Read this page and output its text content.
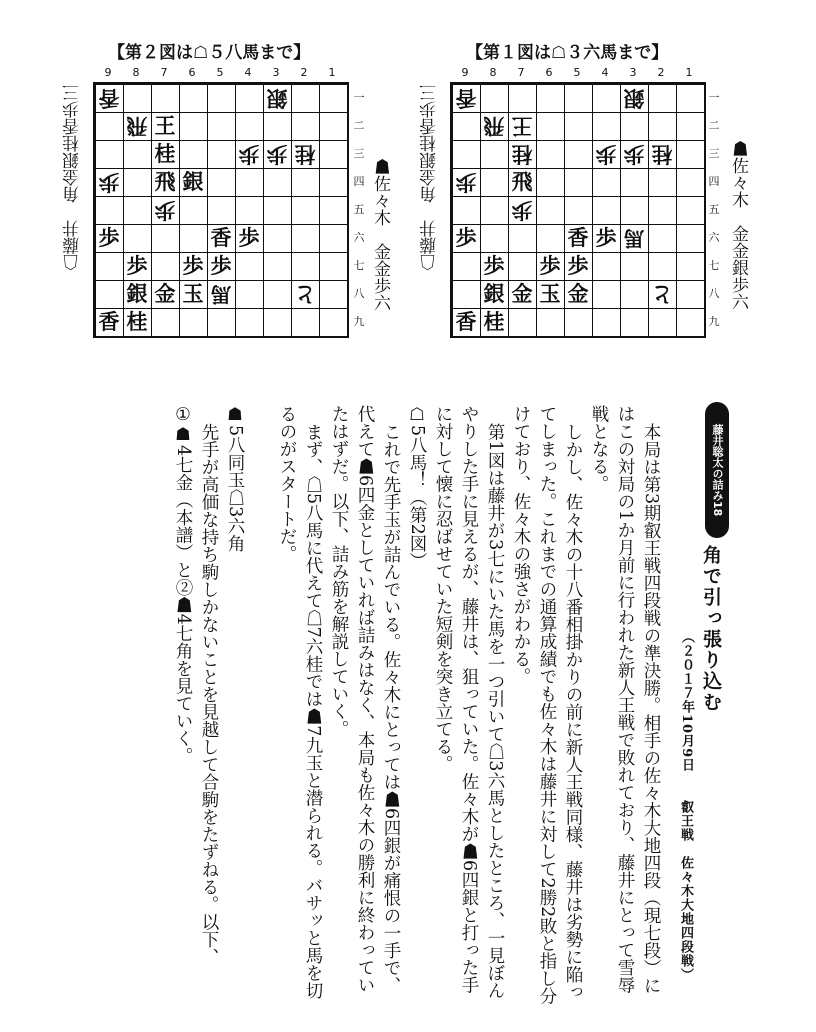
【第２図は☖５八馬まで】
9	8	7	6	5	4	3	2	1
香	銀
飛 王
桂	歩 歩 桂
歩 飛 銀
歩
歩	香 歩
歩 歩 歩
銀 金 玉 馬	と
香 桂
一
二
三
四
五
六
七
八
九
☗佐々木　金金歩六
☖藤井　角金銀桂香歩三
【第１図は☖３六馬まで】
9	8	7	6	5	4	3	2	1
香	銀
飛 王
桂	歩 歩 桂
歩 飛
歩
歩	香 歩 馬
歩 歩 歩
銀 金 玉 金	と
香 桂
一
二
三
四
五
六
七
八
九
☗佐々木　金金銀歩六
☖藤井　角金銀桂香歩三
藤井聡太の詰み18
角で引っ張り込む
（２０１７年10月9日
叡王戦　佐々木大地四段戦）

本局は第3期叡王戦四段戦の準決勝。相手の佐々木大地四段（現七段）にはこの対局の1か月前に行われた新人王戦で敗れており、藤井にとって雪辱戦となる。

しかし、佐々木の十八番相掛かりの前に新人王戦同様、藤井は劣勢に陥ってしまった。これまでの通算成績でも佐々木は藤井に対して2勝2敗と指し分けており、佐々木の強さがわかる。

第1図は藤井が3七にいた馬を一つ引いて☖3六馬としたところ、一見ぼんやりした手に見えるが、藤井は、狙っていた。佐々木が☗6四銀と打った手に対して懐に忍ばせていた短剣を突き立てる。

☖5八馬！（第2図）

これで先手玉が詰んでいる。佐々木にとっては☗6四銀が痛恨の一手で、代えて☗6四金としていれば詰みはなく、本局も佐々木の勝利に終わっていたはずだ。以下、詰み筋を解説していく。

まず、☖5八馬に代えて☖7六桂では☗7九玉と潜られる。バサッと馬を切るのがスタートだ。

☗5八同玉☖3六角

先手が高価な持ち駒しかないことを見越して合駒をたずねる。以下、

①☗4七金（本譜）と②☗4七角を見ていく。
